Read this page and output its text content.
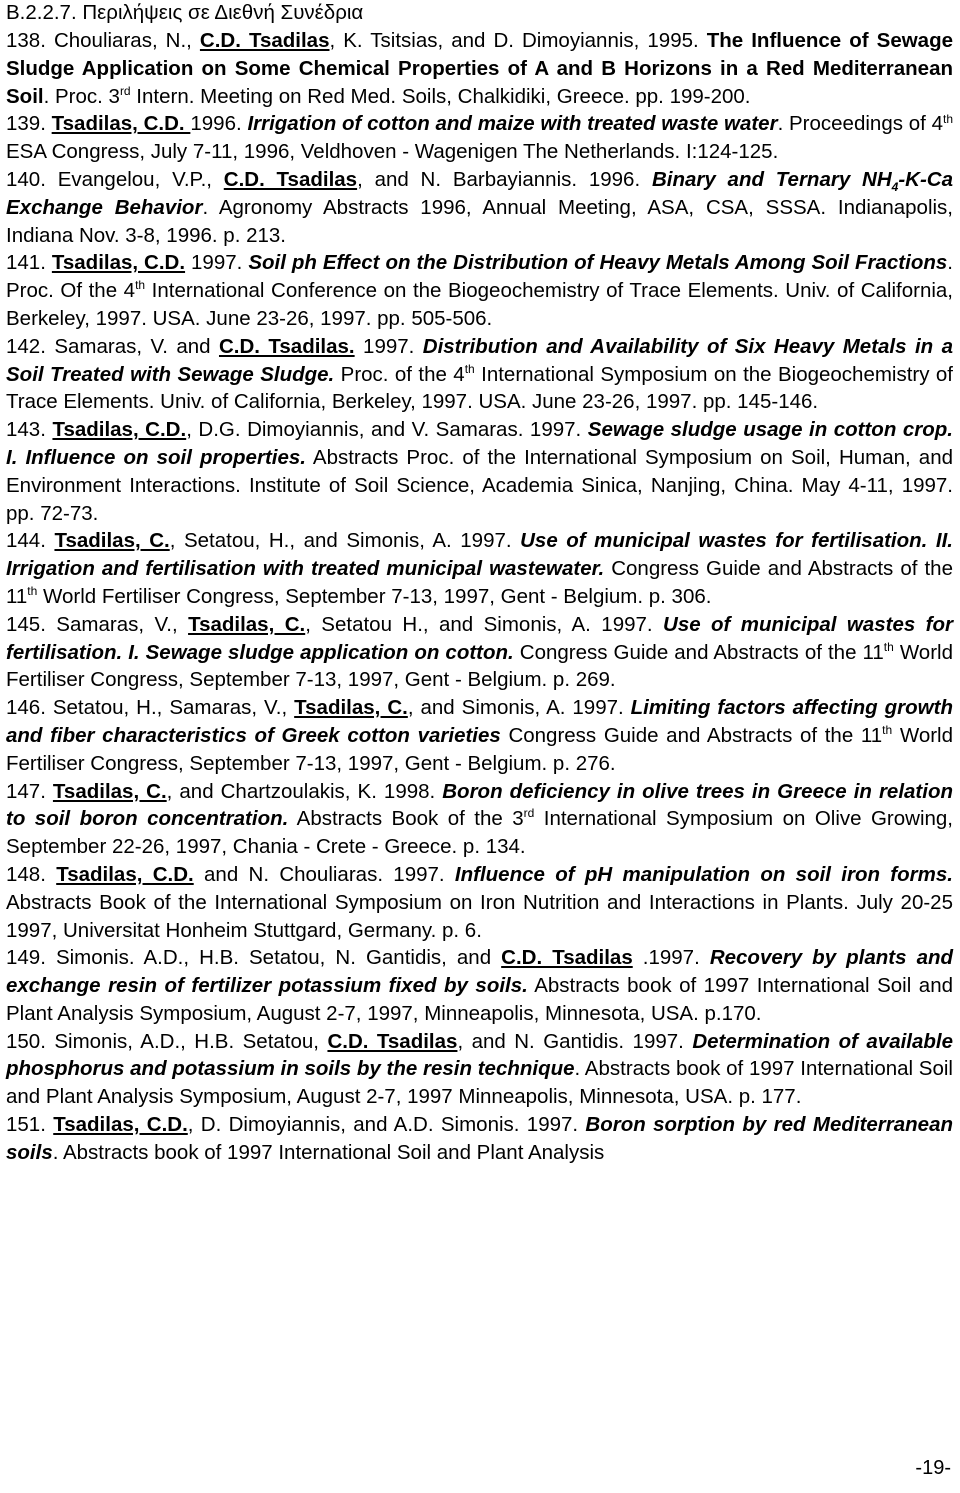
Β.2.2.7. Περιλήψεις σε Διεθνή Συνέδρια

138. Chouliaras, N., C.D. Tsadilas, K. Tsitsias, and D. Dimoyiannis, 1995. The Influence of Sewage Sludge Application on Some Chemical Properties of A and B Horizons in a Red Mediterranean Soil. Proc. 3rd Intern. Meeting on Red Med. Soils, Chalkidiki, Greece. pp. 199-200.

139. Tsadilas, C.D. 1996. Irrigation of cotton and maize with treated waste water. Proceedings of 4th ESA Congress, July 7-11, 1996, Veldhoven - Wagenigen The Netherlands. I:124-125.

140. Evangelou, V.P., C.D. Tsadilas, and N. Barbayiannis. 1996. Binary and Ternary $NH_4-K-Ca$ Exchange Behavior. Agronomy Abstracts 1996, Annual Meeting, ASA, CSA, SSSA. Indianapolis, Indiana Nov. 3-8, 1996. p. 213.

141. Tsadilas, C.D. 1997. Soil ph Effect on the Distribution of Heavy Metals Among Soil Fractions. Proc. Of the 4th International Conference on the Biogeochemistry of Trace Elements. Univ. of California, Berkeley, 1997. USA. June 23-26, 1997. pp. 505-506.

142. Samaras, V. and C.D. Tsadilas. 1997. Distribution and Availability of Six Heavy Metals in a Soil Treated with Sewage Sludge. Proc. of the 4th International Symposium on the Biogeochemistry of Trace Elements. Univ. of California, Berkeley, 1997. USA. June 23-26, 1997. pp. 145-146.

143. Tsadilas, C.D., D.G. Dimoyiannis, and V. Samaras. 1997. Sewage sludge usage in cotton crop. I. Influence on soil properties. Abstracts Proc. of the International Symposium on Soil, Human, and Environment Interactions. Institute of Soil Science, Academia Sinica, Nanjing, China. May 4-11, 1997. pp. 72-73.

144. Tsadilas, C., Setatou, H., and Simonis, A. 1997. Use of municipal wastes for fertilisation. II. Irrigation and fertilisation with treated municipal wastewater. Congress Guide and Abstracts of the 11th World Fertiliser Congress, September 7-13, 1997, Gent - Belgium. p. 306.

145. Samaras, V., Tsadilas, C., Setatou H., and Simonis, A. 1997. Use of municipal wastes for fertilisation. I. Sewage sludge application on cotton. Congress Guide and Abstracts of the 11th World Fertiliser Congress, September 7-13, 1997, Gent - Belgium. p. 269.

146. Setatou, H., Samaras, V., Tsadilas, C., and Simonis, A. 1997. Limiting factors affecting growth and fiber characteristics of Greek cotton varieties Congress Guide and Abstracts of the 11th World Fertiliser Congress, September 7-13, 1997, Gent - Belgium. p. 276.

147. Tsadilas, C., and Chartzoulakis, K. 1998. Boron deficiency in olive trees in Greece in relation to soil boron concentration. Abstracts Book of the 3rd International Symposium on Olive Growing, September 22-26, 1997, Chania - Crete - Greece. p. 134.

148. Tsadilas, C.D. and N. Chouliaras. 1997. Influence of pH manipulation on soil iron forms. Abstracts Book of the International Symposium on Iron Nutrition and Interactions in Plants. July 20-25 1997, Universitat Honheim Stuttgard, Germany. p. 6.

149. Simonis. A.D., H.B. Setatou, N. Gantidis, and C.D. Tsadilas .1997. Recovery by plants and exchange resin of fertilizer potassium fixed by soils. Abstracts book of 1997 International Soil and Plant Analysis Symposium, August 2-7, 1997, Minneapolis, Minnesota, USA. p.170.

150. Simonis, A.D., H.B. Setatou, C.D. Tsadilas, and N. Gantidis. 1997. Determination of available phosphorus and potassium in soils by the resin technique. Abstracts book of 1997 International Soil and Plant Analysis Symposium, August 2-7, 1997 Minneapolis, Minnesota, USA. p. 177.

151. Tsadilas, C.D., D. Dimoyiannis, and A.D. Simonis. 1997. Boron sorption by red Mediterranean soils. Abstracts book of 1997 International Soil and Plant Analysis

-19-
